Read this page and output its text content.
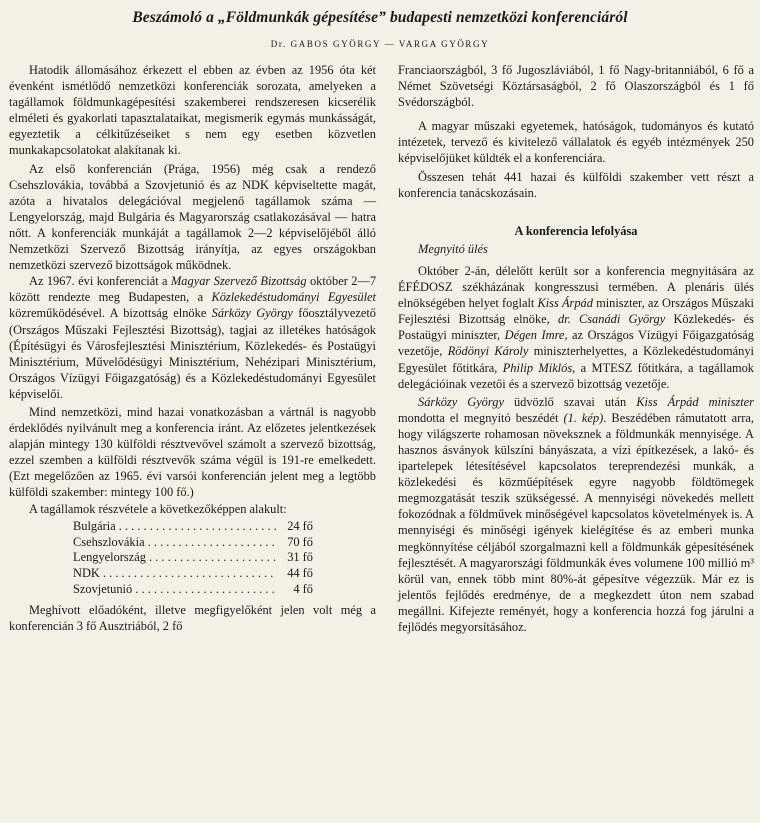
Beszámoló a „Földmunkák gépesítése” budapesti nemzetközi konferenciáról
Dr. GABOS GYÖRGY — VARGA GYÖRGY

Hatodik állomásához érkezett el ebben az évben az 1956 óta két évenként ismétlődő nemzetközi konferenciák sorozata, amelyeken a tagállamok földmunkagépesítési szakemberei rendszeresen kicserélik elméleti és gyakorlati tapasztalataikat, megismerik egymás munkásságát, egyeztetik a célkitűzéseiket s nem egy esetben közvetlen munkakapcsolatokat alakítanak ki.

Az első konferencián (Prága, 1956) még csak a rendező Csehszlovákia, továbbá a Szovjetunió és az NDK képviseltette magát, azóta a hivatalos delegációval megjelenő tagállamok száma — Lengyelország, majd Bulgária és Magyarország csatlakozásával — hatra nőtt. A konferenciák munkáját a tagállamok 2—2 képviselőjéből álló Nemzetközi Szervező Bizottság irányítja, az egyes országokban nemzetközi szervező bizottságok működnek.

Az 1967. évi konferenciát a Magyar Szervező Bizottság október 2—7 között rendezte meg Budapesten, a Közlekedéstudományi Egyesület közreműködésével. A bizottság elnöke Sárközy György főosztályvezető (Országos Műszaki Fejlesztési Bizottság), tagjai az illetékes hatóságok (Építésügyi és Városfejlesztési Minisztérium, Közlekedés- és Postaügyi Minisztérium, Művelődésügyi Minisztérium, Nehézipari Minisztérium, Országos Vízügyi Főigazgatóság) és a Közlekedéstudományi Egyesület képviselői.

Mind nemzetközi, mind hazai vonatkozásban a vártnál is nagyobb érdeklődés nyilvánult meg a konferencia iránt. Az előzetes jelentkezések alapján mintegy 130 külföldi résztvevővel számolt a szervező bizottság, ezzel szemben a külföldi résztvevők száma végül is 191-re emelkedett. (Ezt megelőzően az 1965. évi varsói konferencián jelent meg a legtöbb külföldi szakember: mintegy 100 fő.)

A tagállamok részvétele a következőképpen alakult:

Bulgária . . .	24 fő
Csehszlovákia . . .	70 fő
Lengyelország . . .	31 fő
NDK . . .	44 fő
Szovjetunió . . .	4 fő

Meghívott előadóként, illetve megfigyelőként jelen volt még a konferencián 3 fő Ausztriából, 2 fő

Franciaországból, 3 fő Jugoszláviából, 1 fő Nagy-britanniából, 6 fő a Német Szövetségi Köztársaságból, 2 fő Olaszországból és 1 fő Svédországból.

A magyar műszaki egyetemek, hatóságok, tudományos és kutató intézetek, tervező és kivitelező vállalatok és egyéb intézmények 250 képviselőjüket küldték el a konferenciára.

Összesen tehát 441 hazai és külföldi szakember vett részt a konferencia tanácskozásain.

A konferencia lefolyása
Megnyitó ülés

Október 2-án, délelőtt került sor a konferencia megnyitására az ÉFÉDOSZ székházának kongresszusi termében. A plenáris ülés elnökségében helyet foglalt Kiss Árpád miniszter, az Országos Műszaki Fejlesztési Bizottság elnöke, dr. Csanádi György Közlekedés- és Postaügyi miniszter, Dégen Imre, az Országos Vízügyi Főigazgatóság vezetője, Rödönyi Károly miniszterhelyettes, a Közlekedéstudományi Egyesület főtitkára, Philip Miklós, a MTESZ főtitkára, a tagállamok delegációinak vezetői és a szervező bizottság vezetője.

Sárközy György üdvözlő szavai után Kiss Árpád miniszter mondotta el megnyitó beszédét (1. kép). Beszédében rámutatott arra, hogy világszerte rohamosan növeksznek a földmunkák mennyisége. A hasznos ásványok külszíni bányászata, a vízi építkezések, a lakó- és ipartelepek létesítésével kapcsolatos tereprendezési munkák, a közlekedési és közműépítések egyre nagyobb földtömegek megmozgatását teszik szükségessé. A mennyiségi növekedés mellett fokozódnak a földművek minőségével kapcsolatos követelmények is. A mennyiségi és minőségi igények kielégítése és az emberi munka megkönnyítése céljából szorgalmazni kell a földmunkák gépesítésének fejlesztését. A magyarországi földmunkák éves volumene 100 millió m³ körül van, ennek több mint 80%-át gépesítve végezzük. Már ez is jelentős fejlődés eredménye, de a megkezdett úton nem szabad megállni. Kifejezte reményét, hogy a konferencia hozzá fog járulni a fejlődés megyorsításához.
